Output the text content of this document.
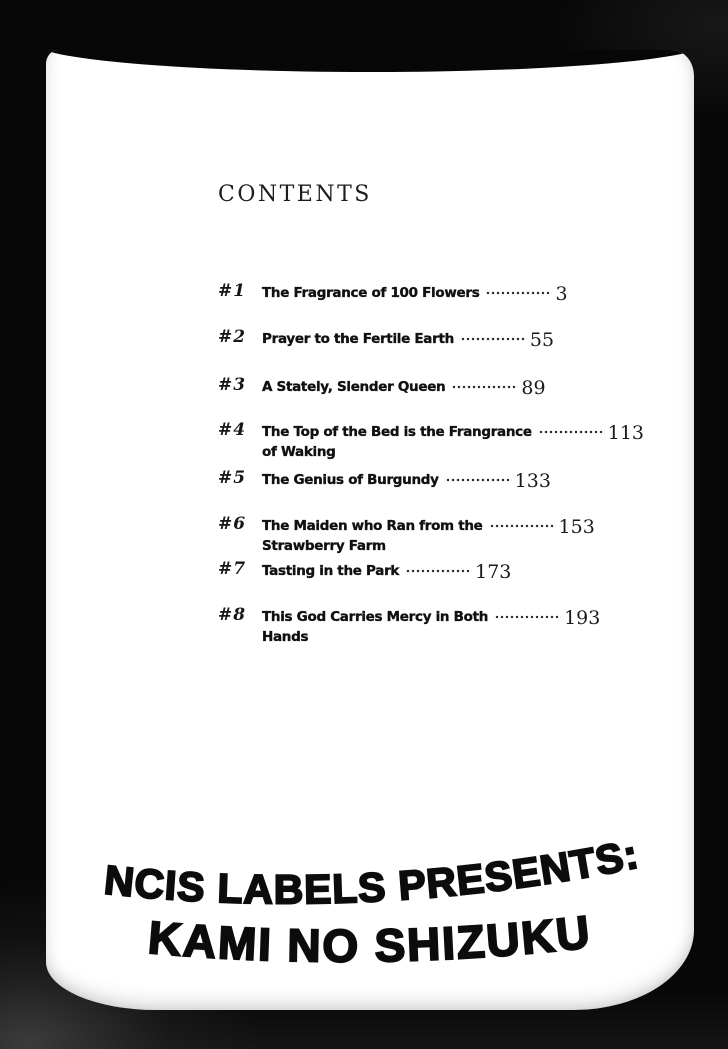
CONTENTS
#1	The Fragrance of 100 Flowers	3
#2	Prayer to the Fertile Earth	55
#3	A Stately, Slender Queen	89
#4	The Top of the Bed is the Frangrance	113
of Waking
#5	The Genius of Burgundy	133
#6	The Maiden who Ran from the	153
Strawberry Farm
#7	Tasting in the Park	173
#8	This God Carries Mercy in Both	193
Hands
NCIS LABELS PRESENTS:
KAMI NO SHIZUKU
